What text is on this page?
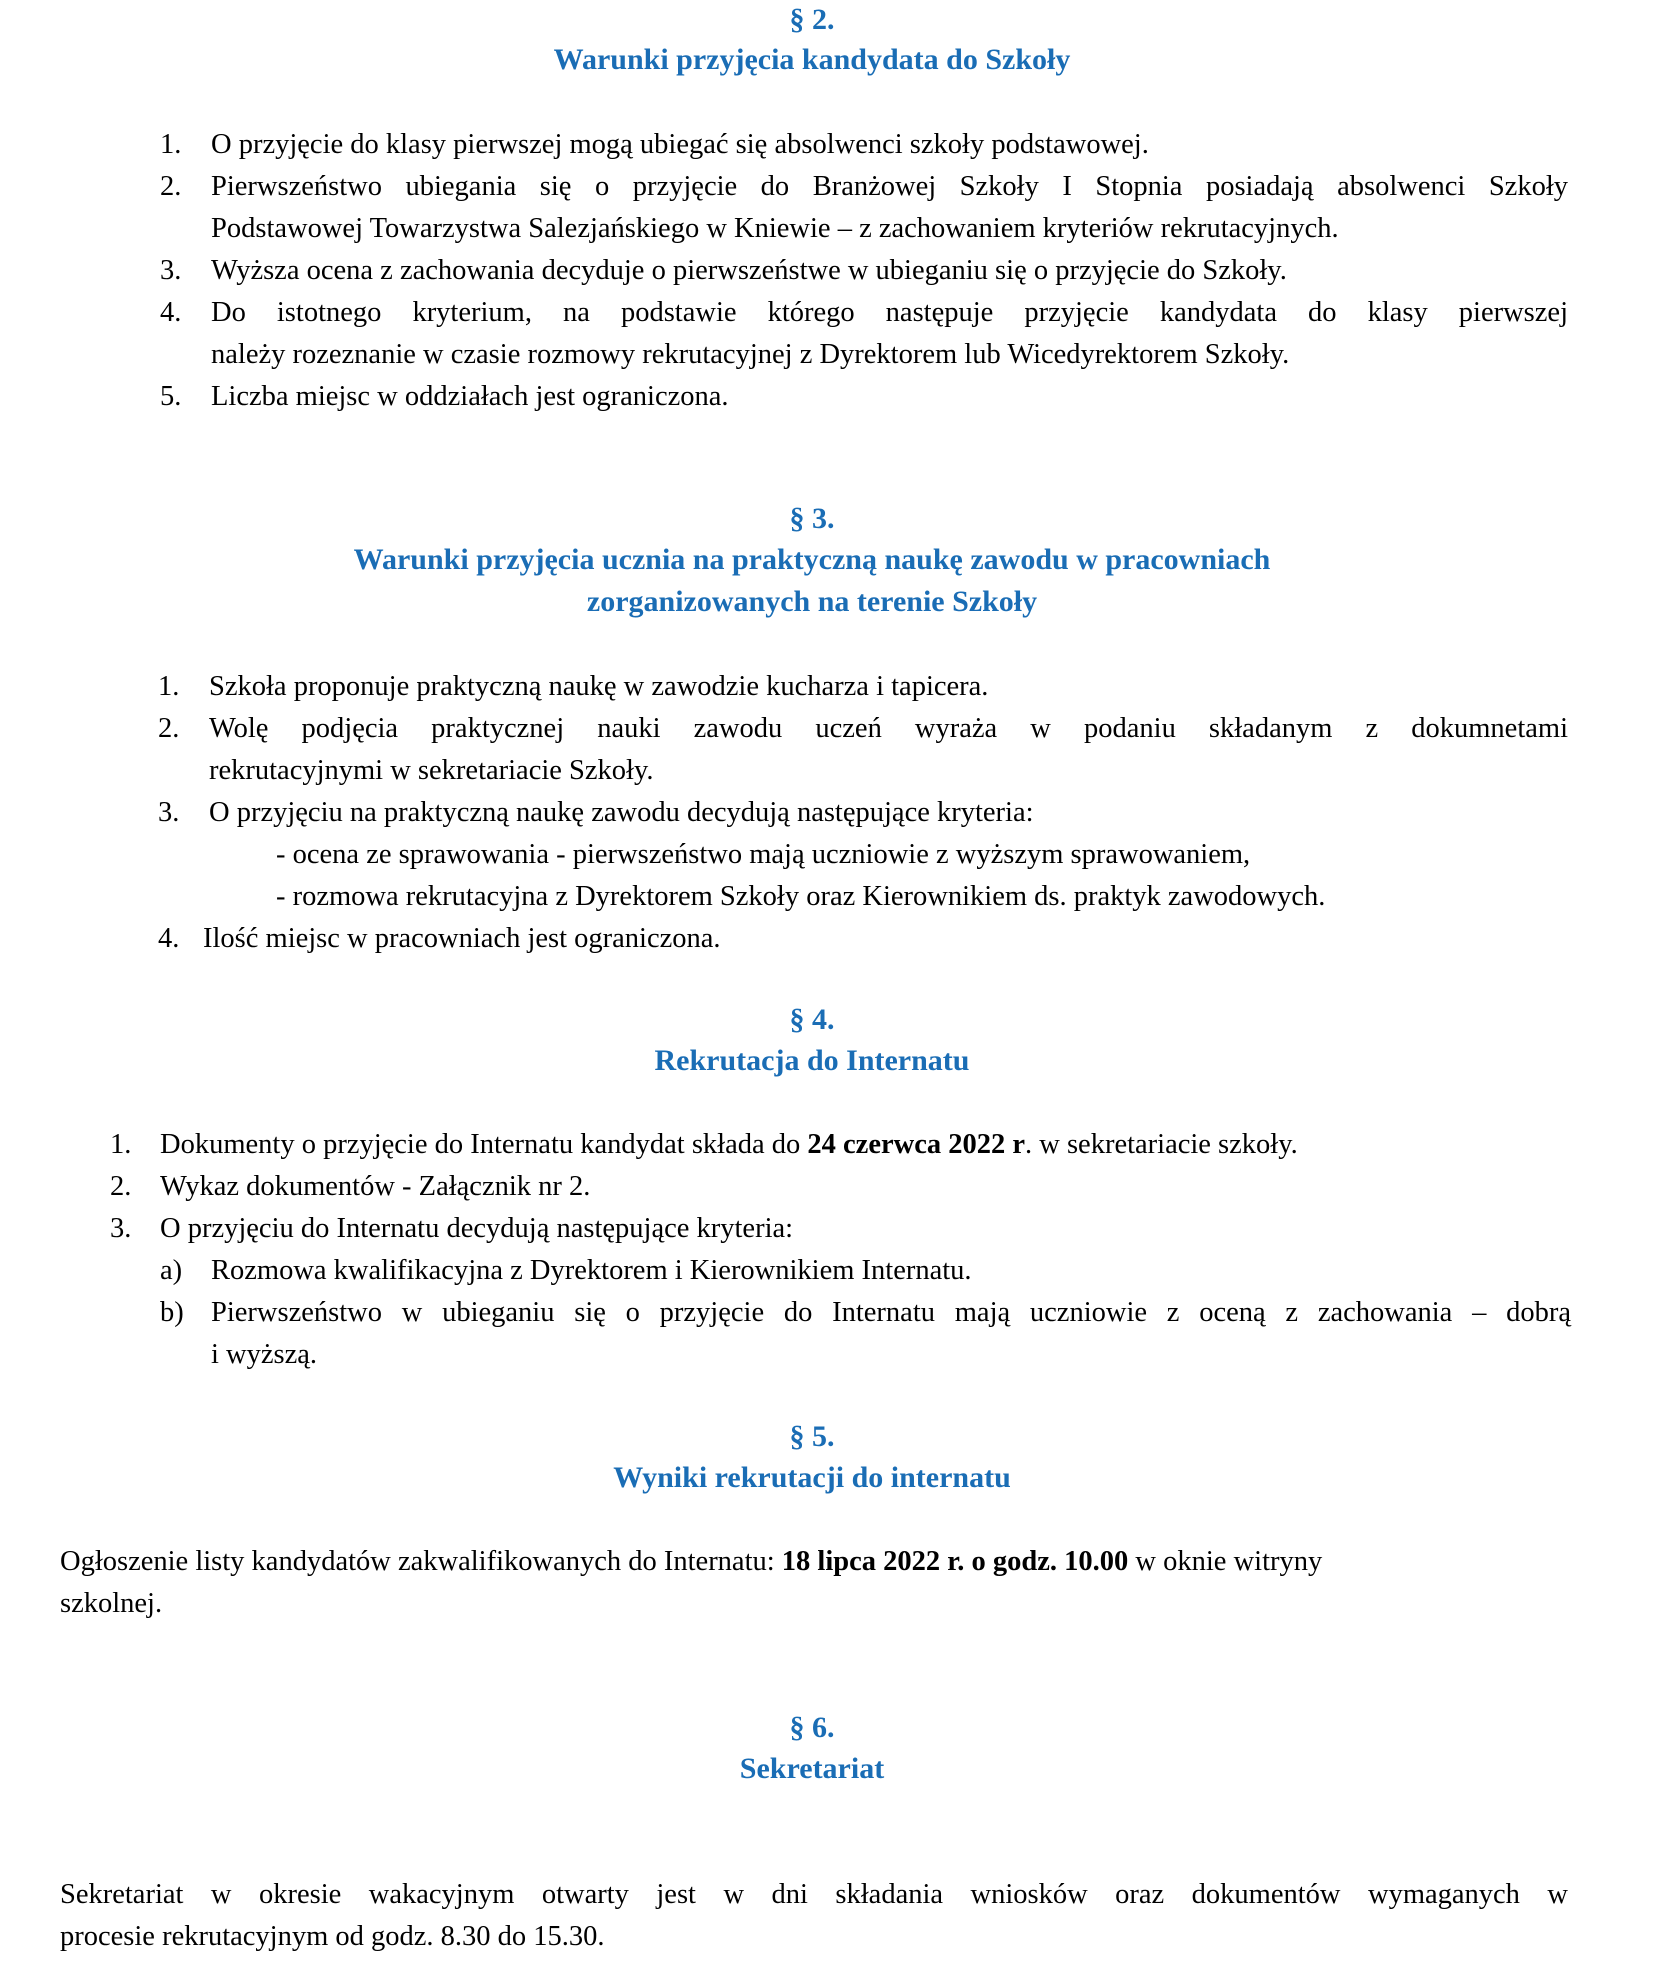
§ 2.
Warunki przyjęcia kandydata do Szkoły
1. O przyjęcie do klasy pierwszej mogą ubiegać się absolwenci szkoły podstawowej.
2. Pierwszeństwo ubiegania się o przyjęcie do Branżowej Szkoły I Stopnia posiadają absolwenci Szkoły
Podstawowej Towarzystwa Salezjańskiego w Kniewie – z zachowaniem kryteriów rekrutacyjnych.
3. Wyższa ocena z zachowania decyduje o pierwszeństwe w ubieganiu się o przyjęcie do Szkoły.
4. Do istotnego kryterium, na podstawie którego następuje przyjęcie kandydata do klasy pierwszej
należy rozeznanie w czasie rozmowy rekrutacyjnej z Dyrektorem lub Wicedyrektorem Szkoły.
5. Liczba miejsc w oddziałach jest ograniczona.
§ 3.
Warunki przyjęcia ucznia na praktyczną naukę zawodu w pracowniach
zorganizowanych na terenie Szkoły
1. Szkoła proponuje praktyczną naukę w zawodzie kucharza i tapicera.
2. Wolę podjęcia praktycznej nauki zawodu uczeń wyraża w podaniu składanym z dokumnetami
rekrutacyjnymi w sekretariacie Szkoły.
3. O przyjęciu na praktyczną naukę zawodu decydują następujące kryteria:
- ocena ze sprawowania - pierwszeństwo mają uczniowie z wyższym sprawowaniem,
- rozmowa rekrutacyjna z Dyrektorem Szkoły oraz Kierownikiem ds. praktyk zawodowych.
4. Ilość miejsc w pracowniach jest ograniczona.
§ 4.
Rekrutacja do Internatu
1. Dokumenty o przyjęcie do Internatu kandydat składa do 24 czerwca 2022 r. w sekretariacie szkoły.
2. Wykaz dokumentów - Załącznik nr 2.
3. O przyjęciu do Internatu decydują następujące kryteria:
a) Rozmowa kwalifikacyjna z Dyrektorem i Kierownikiem Internatu.
b) Pierwszeństwo w ubieganiu się o przyjęcie do Internatu mają uczniowie z oceną z zachowania – dobrą
i wyższą.
§ 5.
Wyniki rekrutacji do internatu
Ogłoszenie listy kandydatów zakwalifikowanych do Internatu: 18 lipca 2022 r. o godz. 10.00 w oknie witryny
szkolnej.
§ 6.
Sekretariat
Sekretariat w okresie wakacyjnym otwarty jest w dni składania wniosków oraz dokumentów wymaganych w
procesie rekrutacyjnym od godz. 8.30 do 15.30.
